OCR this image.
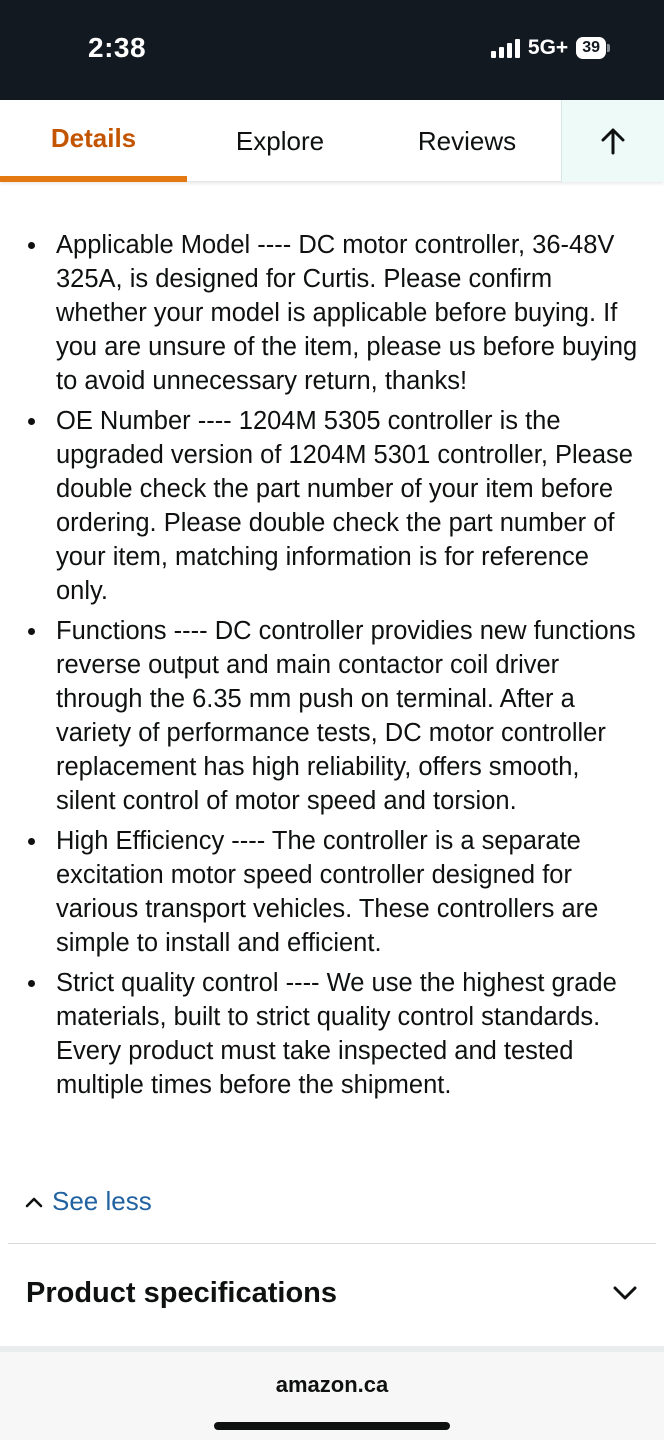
2:38	5G+ 39
Details	Explore	Reviews
Applicable Model ---- DC motor controller, 36-48V 325A, is designed for Curtis. Please confirm whether your model is applicable before buying. If you are unsure of the item, please us before buying to avoid unnecessary return, thanks!
OE Number ---- 1204M 5305 controller is the upgraded version of 1204M 5301 controller, Please double check the part number of your item before ordering. Please double check the part number of your item, matching information is for reference only.
Functions ---- DC controller providies new functions reverse output and main contactor coil driver through the 6.35 mm push on terminal. After a variety of performance tests, DC motor controller replacement has high reliability, offers smooth, silent control of motor speed and torsion.
High Efficiency ---- The controller is a separate excitation motor speed controller designed for various transport vehicles. These controllers are simple to install and efficient.
Strict quality control ---- We use the highest grade materials, built to strict quality control standards. Every product must take inspected and tested multiple times before the shipment.
See less
Product specifications
amazon.ca
